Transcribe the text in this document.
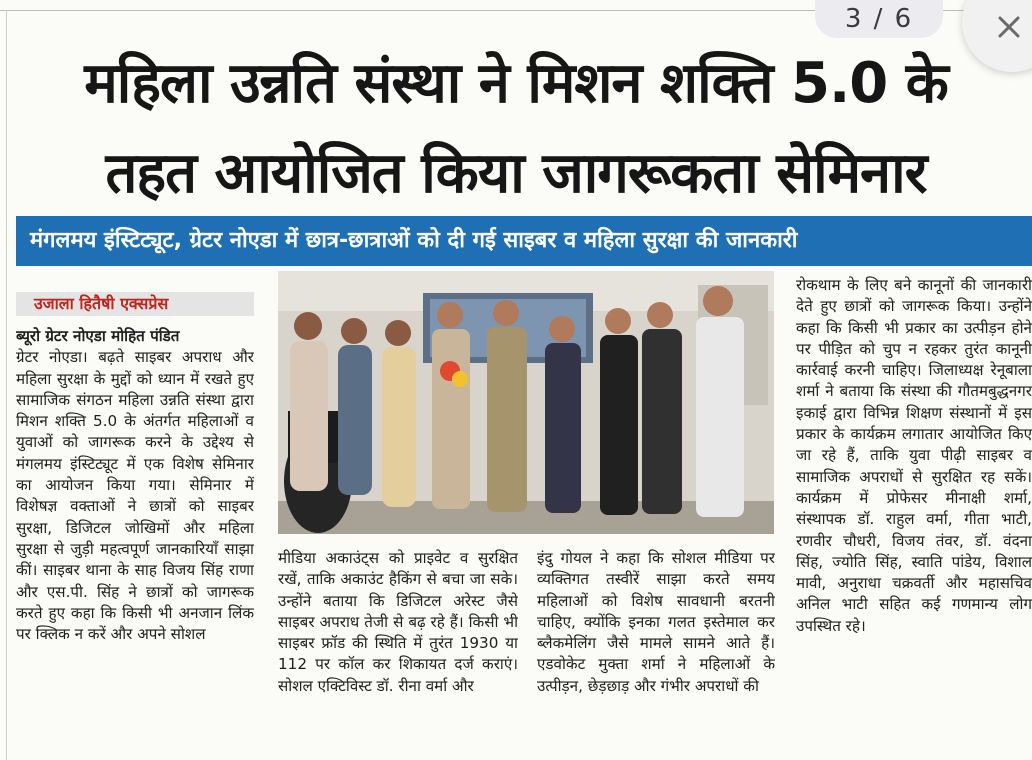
महिला उन्नति संस्था ने मिशन शक्ति 5.0 के
तहत आयोजित किया जागरूकता सेमिनार
मंगलमय इंस्टिट्यूट, ग्रेटर नोएडा में छात्र-छात्राओं को दी गई साइबर व महिला सुरक्षा की जानकारी
उजाला हितैषी एक्सप्रेस

ब्यूरो ग्रेटर नोएडा मोहित पंडित

ग्रेटर नोएडा। बढ़ते साइबर अपराध और महिला सुरक्षा के मुद्दों को ध्यान में रखते हुए सामाजिक संगठन महिला उन्नति संस्था द्वारा मिशन शक्ति 5.0 के अंतर्गत महिलाओं व युवाओं को जागरूक करने के उद्देश्य से मंगलमय इंस्टिट्यूट में एक विशेष सेमिनार का आयोजन किया गया। सेमिनार में विशेषज्ञ वक्ताओं ने छात्रों को साइबर सुरक्षा, डिजिटल जोखिमों और महिला सुरक्षा से जुड़ी महत्वपूर्ण जानकारियाँ साझा कीं। साइबर थाना के साह विजय सिंह राणा और एस.पी. सिंह ने छात्रों को जागरूक करते हुए कहा कि किसी भी अनजान लिंक पर क्लिक न करें और अपने सोशल

मीडिया अकाउंट्स को प्राइवेट व सुरक्षित रखें, ताकि अकाउंट हैकिंग से बचा जा सके। उन्होंने बताया कि डिजिटल अरेस्ट जैसे साइबर अपराध तेजी से बढ़ रहे हैं। किसी भी साइबर फ्रॉड की स्थिति में तुरंत 1930 या 112 पर कॉल कर शिकायत दर्ज कराएं। सोशल एक्टिविस्ट डॉ. रीना वर्मा और

इंदु गोयल ने कहा कि सोशल मीडिया पर व्यक्तिगत तस्वीरें साझा करते समय महिलाओं को विशेष सावधानी बरतनी चाहिए, क्योंकि इनका गलत इस्तेमाल कर ब्लैकमेलिंग जैसे मामले सामने आते हैं। एडवोकेट मुक्ता शर्मा ने महिलाओं के उत्पीड़न, छेड़छाड़ और गंभीर अपराधों की

रोकथाम के लिए बने कानूनों की जानकारी देते हुए छात्रों को जागरूक किया। उन्होंने कहा कि किसी भी प्रकार का उत्पीड़न होने पर पीड़ित को चुप न रहकर तुरंत कानूनी कार्रवाई करनी चाहिए। जिलाध्यक्ष रेनूबाला शर्मा ने बताया कि संस्था की गौतमबुद्धनगर इकाई द्वारा विभिन्न शिक्षण संस्थानों में इस प्रकार के कार्यक्रम लगातार आयोजित किए जा रहे हैं, ताकि युवा पीढ़ी साइबर व सामाजिक अपराधों से सुरक्षित रह सकें। कार्यक्रम में प्रोफेसर मीनाक्षी शर्मा, संस्थापक डॉ. राहुल वर्मा, गीता भाटी, रणवीर चौधरी, विजय तंवर, डॉ. वंदना सिंह, ज्योति सिंह, स्वाति पांडेय, विशाल मावी, अनुराधा चक्रवर्ती और महासचिव अनिल भाटी सहित कई गणमान्य लोग उपस्थित रहे।

3 / 6
